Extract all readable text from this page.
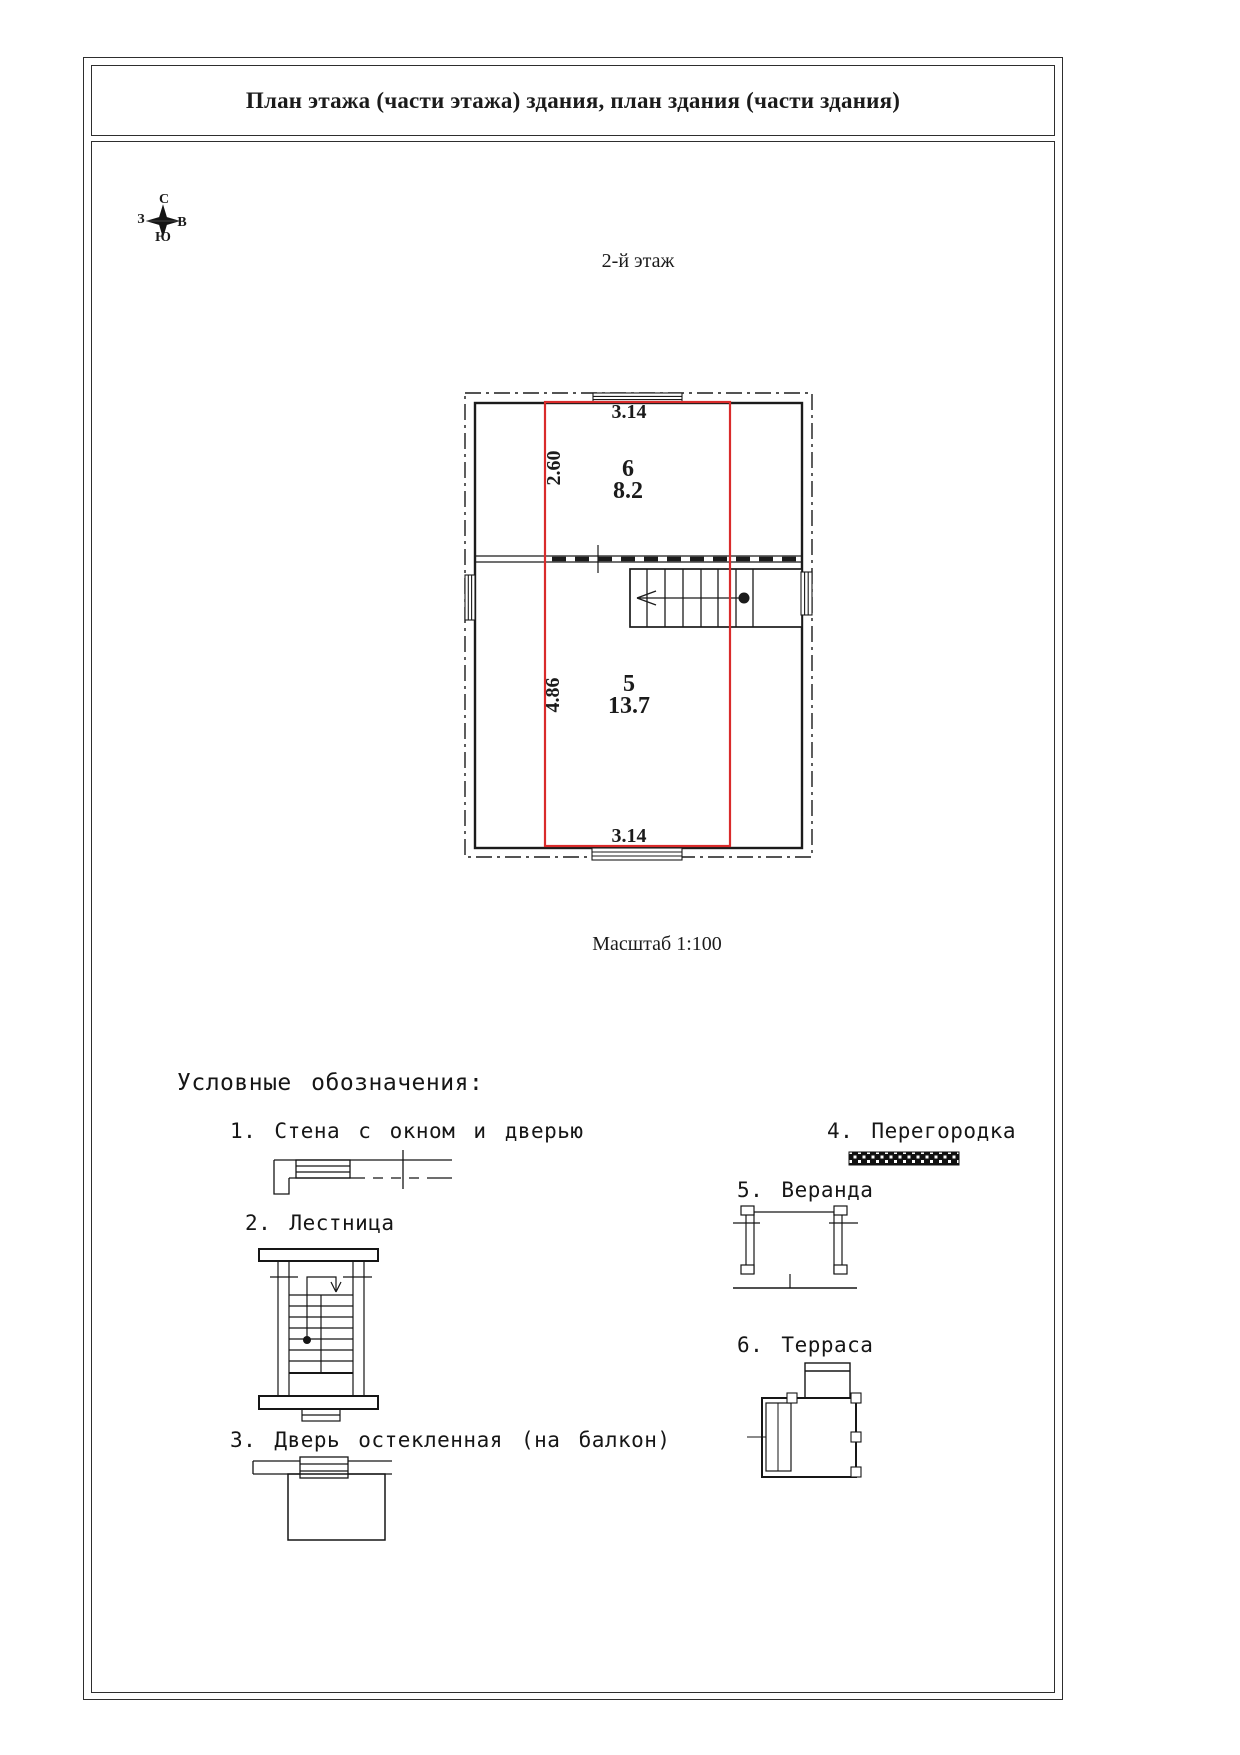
План этажа (части этажа) здания, план здания (части здания)
С
З	В
Ю
2-й этаж
3.14
2.60	6
8.2
4.86	5
13.7
3.14
Масштаб 1:100
Условные обозначения:
1. Стена с окном и дверью
2. Лестница
3. Дверь остекленная (на балкон)
4. Перегородка
5. Веранда
6. Терраса
